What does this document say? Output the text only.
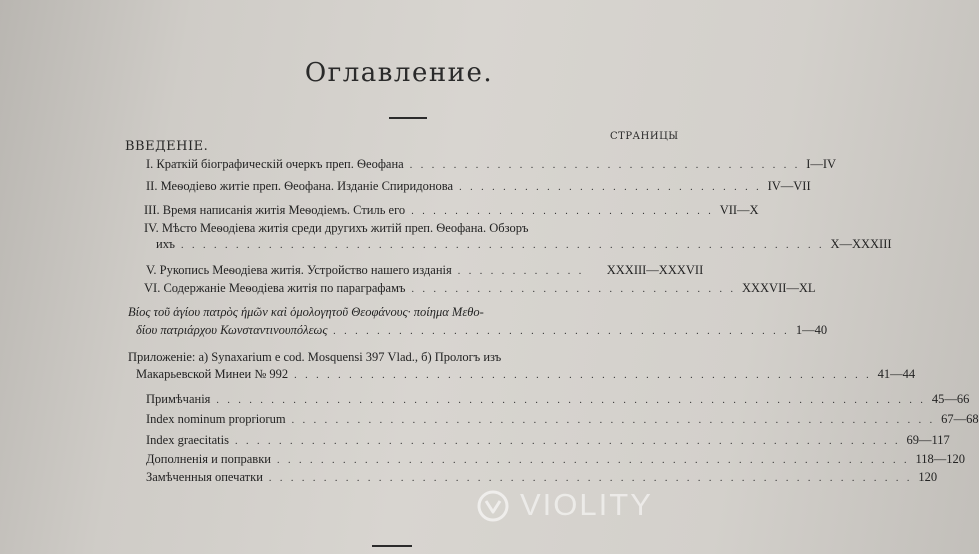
Оглавление.
СТРАНИЦЫ
ВВЕДЕНІЕ.
I. Краткій біографическій очеркъ преп. Ѳеофана . . . . . . . . . . . . . . . . . . . . . . . . . . . . . . . . . . . . I—IV
II. Меѳодіево житіе преп. Ѳеофана. Изданіе Спиридонова . . . . . . . . . . . . . . . . . . . . . . . . . . . . IV—VII
III. Время написанія житія Меѳодіемъ. Стиль его . . . . . . . . . . . . . . . . . . . . . . . . . . . . VII—X
IV. Мѣсто Меѳодіева житія среди другихъ житій преп. Ѳеофана. Обзоръ
ихъ . . . . . . . . . . . . . . . . . . . . . . . . . . . . . . . . . . . . . . . . . . . . . . . . . . . . . . . . . . . X—XXXIII
V. Рукопись Меѳодіева житія. Устройство нашего изданія . . . . . . . . . . . .	XXXIII—XXXVII
VI. Содержаніе Меѳодіева житія по параграфамъ . . . . . . . . . . . . . . . . . . . . . . . . . . . . . . XXXVII—XL
Βίος τοῦ ἁγίου πατρὸς ἡμῶν καὶ ὁμολογητοῦ Θεοφάνους· ποίημα Μεθο-
δίου πατριάρχου Κωνσταντινουπόλεως . . . . . . . . . . . . . . . . . . . . . . . . . . . . . . . . . . . . . . . . . . 1—40
Приложеніе: а) Synaxarium e cod. Mosquensi 397 Vlad., б) Прологъ изъ
Макарьевской Минеи № 992 . . . . . . . . . . . . . . . . . . . . . . . . . . . . . . . . . . . . . . . . . . . . . . . . . . . . . 41—44
Примѣчанія . . . . . . . . . . . . . . . . . . . . . . . . . . . . . . . . . . . . . . . . . . . . . . . . . . . . . . . . . . . . . . . . . 45—66
Index nominum propriorum . . . . . . . . . . . . . . . . . . . . . . . . . . . . . . . . . . . . . . . . . . . . . . . . . . . . . . . . . . . 67—68
Index graecitatis . . . . . . . . . . . . . . . . . . . . . . . . . . . . . . . . . . . . . . . . . . . . . . . . . . . . . . . . . . . . . 69—117
Дополненія и поправки . . . . . . . . . . . . . . . . . . . . . . . . . . . . . . . . . . . . . . . . . . . . . . . . . . . . . . . . . . 118—120
Замѣченныя опечатки . . . . . . . . . . . . . . . . . . . . . . . . . . . . . . . . . . . . . . . . . . . . . . . . . . . . . . . . . . . 120
VIOLITY
